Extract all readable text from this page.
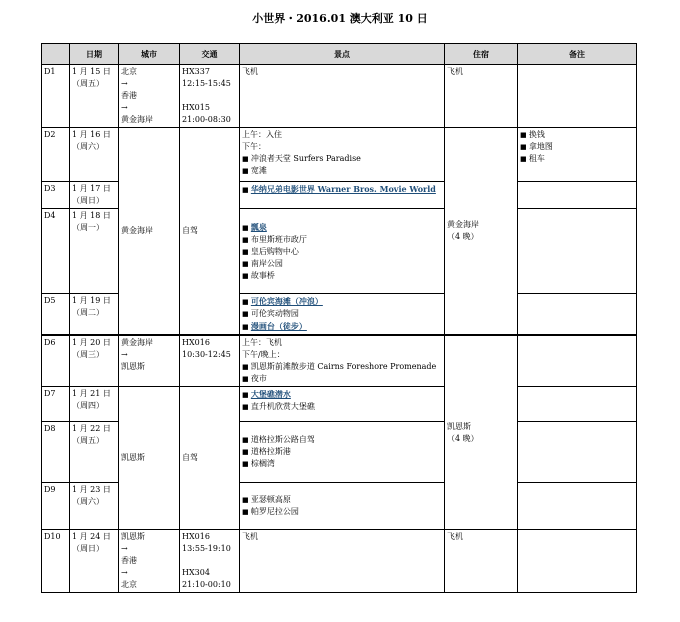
小世界・2016.01 澳大利亚 10 日
	日期	城市	交通	景点	住宿	备注
D1	1 月 15 日
（周五）	北京
→
香港
→
黄金海岸	HX337
12:15-15:45

HX015
21:00-08:30	飞机	飞机	
D2	1 月 16 日
（周六）	黄金海岸	自驾	上午：入住
下午：
■ 冲浪者天堂 Surfers Paradise
■ 宽滩	黄金海岸
（4 晚）	■ 换钱
■ 拿地图
■ 租车

D3	1 月 17 日
（周日）			■ 华纳兄弟电影世界 Warner Bros. Movie World

D4	1 月 18 日
（周一）			■ 瓢泉
■ 布里斯班市政厅
■ 皇后购物中心
■ 南岸公园
■ 故事桥

D5	1 月 19 日
（周二）			■ 可伦宾海滩（冲浪）
■ 可伦宾动物园
■ 漫画台（徒步）

D6	1 月 20 日
（周三）	黄金海岸
→
凯恩斯	HX016
10:30-12:45	上午：飞机
下午/晚上：
■ 凯恩斯前滩散步道 Cairns Foreshore Promenade
■ 夜市	凯恩斯
（4 晚）	

D7	1 月 21 日
（周四）	凯恩斯	自驾	■ 大堡礁潜水
■ 直升机欣赏大堡礁

D8	1 月 22 日
（周五）			■ 道格拉斯公路自驾
■ 道格拉斯港
■ 棕榈湾

D9	1 月 23 日
（周六）			■ 亚瑟顿高原
■ 帕罗尼拉公园

D10	1 月 24 日
（周日）	凯恩斯
→
香港
→
北京	HX016
13:55-19:10

HX304
21:10-00:10	飞机	飞机	
